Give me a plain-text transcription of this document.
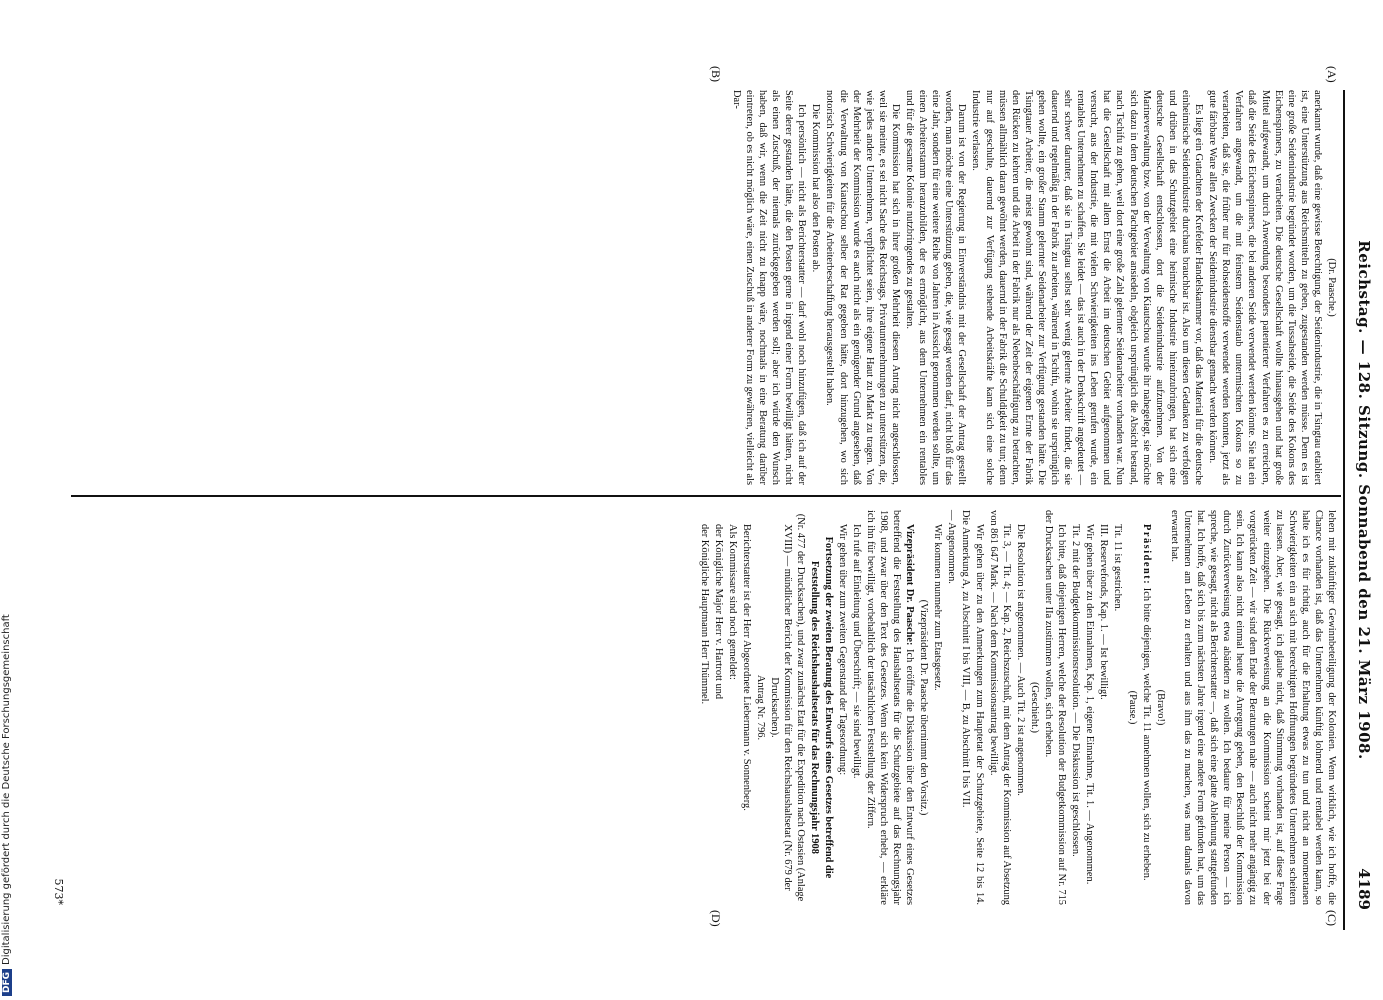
Reichstag. — 128. Sitzung. Sonnabend den 21. März 1908.
4189
(A)
(B)
(C)
(D)

(Dr. Paasche.)

anerkannt wurde, daß eine gewisse Berechtigung, der Seidenindustrie, die in Tsingtau etabliert ist, eine Unterstützung aus Reichsmitteln zu geben, zugestanden werden müsse. Denn es ist eine große Seidenindustrie begründet worden, um die Tussahseide, die Seide des Kokons des Eichenspinners, zu verarbeiten. Die deutsche Gesellschaft wollte hinausgehen und hat große Mittel aufgewandt, um durch Anwendung besonders patentierter Verfahren es zu erreichen, daß die Seide des Eichenspinners, die bei anderen Seide verwendet werden könnte. Sie hat ein Verfahren angewandt, um die mit feinstem Seidenstaub untermischten Kokons so zu verarbeiten, daß sie, die früher nur für Rohseidenstoffe verwendet werden konnten, jetzt als gute färbbare Ware allen Zwecken der Seidenindustrie dienstbar gemacht werden können.

Es liegt ein Gutachten der Krefelder Handelskammer vor, daß das Material für die deutsche einheimische Seidenindustrie durchaus brauchbar ist. Also um diesen Gedanken zu verfolgen und drüben in das Schutzgebiet eine heimische Industrie hineinzubringen, hat sich eine deutsche Gesellschaft entschlossen, dort die Seidenindustrie aufzunehmen. Von der Marineverwaltung bzw. von der Verwaltung von Kiautschou wurde ihr nahegelegt, sie möchte sich dazu in dem deutschen Pachtgebiet ansiedeln, obgleich ursprünglich die Absicht bestand, nach Tschifu zu gehen, weil dort eine große Zahl gelernter Seidenarbeiter vorhanden war. Nun hat die Gesellschaft mit allem Ernst die Arbeit im deutschen Gebiet aufgenommen und versucht, aus der Industrie, die mit vielen Schwierigkeiten ins Leben gerufen wurde, ein rentables Unternehmen zu schaffen. Sie leidet — das ist auch in der Denkschrift angedeutet — sehr schwer darunter, daß sie in Tsingtau selbst sehr wenig gelernte Arbeiter findet, die sie dauernd und regelmäßig in der Fabrik zu arbeiten, während in Tschifu, wohin sie ursprünglich gehen wollte, ein großer Stamm gelernter Seidenarbeiter zur Verfügung gestanden hätte. Die Tsingtauer Arbeiter, die meist gewohnt sind, während der Zeit der eigenen Ernte der Fabrik den Rücken zu kehren und die Arbeit in der Fabrik nur als Nebenbeschäftigung zu betrachten, müssen allmählich daran gewöhnt werden, dauernd in der Fabrik die Schuldigkeit zu tun; denn nur auf geschulte, dauernd zur Verfügung stehende Arbeitskräfte kann sich eine solche Industrie verlassen.

Darum ist von der Regierung in Einverständnis mit der Gesellschaft der Antrag gestellt worden, man möchte eine Unterstützung geben, die, wie gesagt werden darf, nicht bloß für das eine Jahr, sondern für eine weitere Reihe von Jahren in Aussicht genommen werden sollte, um einen Arbeiterstamm heranzubilden, der es ermöglicht, aus dem Unternehmen ein rentables und für die gesamte Kolonie nutzbringendes zu gestalten.

Die Kommission hat sich in ihrer großen Mehrheit diesem Antrag nicht angeschlossen, weil sie meinte, es sei nicht Sache des Reichstags, Privatunternehmungen zu unterstützen, die, wie jedes andere Unternehmen, verpflichtet seien, ihre eigene Haut zu Markt zu tragen. Von der Mehrheit der Kommission wurde es auch nicht als ein genügender Grund angesehen, daß die Verwaltung von Kiautschou selber der Rat gegeben hätte, dort hinzugehen, wo sich notorisch Schwierigkeiten für die Arbeiterbeschaffung herausgestellt haben.

Die Kommission hat also den Posten ab.

Ich persönlich — nicht als Berichterstatter — darf wohl noch hinzufügen, daß ich auf der Seite derer gestanden hätte, die den Posten gerne in irgend einer Form bewilligt hätten, nicht als einen Zuschuß, der niemals zurückgegeben werden soll; aber ich würde den Wunsch haben, daß wir, wenn die Zeit nicht zu knapp wäre, nochmals in eine Beratung darüber eintreten, ob es nicht möglich wäre, einen Zuschuß in anderer Form zu gewähren, vielleicht als Dar-

lehen mit zukünftiger Gewinnbeteiligung der Kolonien. Wenn wirklich, wie ich hoffe, die Chance vorhanden ist, daß das Unternehmen künftig lohnend und rentabel werden kann, so halte ich es für richtig, auch für die Erhaltung etwas zu tun und nicht an momentanen Schwierigkeiten ein an sich mit berechtigten Hoffnungen begründetes Unternehmen scheitern zu lassen. Aber, wie gesagt, ich glaube nicht, daß Stimmung vorhanden ist, auf diese Frage weiter einzugehen. Die Rückverweisung an die Kommission scheint mir jetzt bei der vorgerückten Zeit — wir sind dem Ende der Beratungen nahe — auch nicht mehr angängig zu sein. Ich kann also nicht einmal heute die Anregung geben, den Beschluß der Kommission durch Zurückverweisung etwa abändern zu wollen. Ich bedaure für meine Person — ich spreche, wie gesagt, nicht als Berichterstatter —, daß sich eine glatte Ablehnung stattgefunden hat. Ich hoffe, daß sich bis zum nächsten Jahre irgend eine andere Form gefunden hat, um das Unternehmen am Leben zu erhalten und aus ihm das zu machen, was man damals davon erwartet hat.

(Bravo!)

Präsident: Ich bitte diejenigen, welche Tit. 11 annehmen wollen, sich zu erheben.

(Pause.)

Tit. 11 ist gestrichen.

III. Reservefonds, Kap. 1. — Ist bewilligt.

Wir gehen über zu den Einnahmen, Kap. 1, eigene Einnahme, Tit. 1. — Angenommen.

Tit. 2 mit der Budgetkommissionsresolution. — Die Diskussion ist geschlossen.

Ich bitte, daß diejenigen Herren, welche der Resolution der Budgetkommission auf Nr. 715 der Drucksachen unter IIa zustimmen wollen, sich erheben.

(Geschieht.)

Die Resolution ist angenommen. — Auch Tit. 2 ist angenommen.

Tit. 3, — Tit. 4; — Kap. 2, Reichszuschuß, mit dem Antrag der Kommission auf Absetzung von 861 647 Mark. — Nach dem Kommissionsantrag bewilligt.

Wir gehen über zu den Anmerkungen zum Hauptetat der Schutzgebiete, Seite 12 bis 14. Die Anmerkung A, zu Abschnitt I bis VIII, — B, zu Abschnitt I bis VII.

— Angenommen.

Wir kommen nunmehr zum Etatsgesetz.

(Vizepräsident Dr. Paasche übernimmt den Vorsitz.)

Vizepräsident Dr. Paasche: Ich eröffne die Diskussion über den Entwurf eines Gesetzes betreffend die Feststellung des Haushaltsetats für die Schutzgebiete auf das Rechnungsjahr 1908, und zwar über den Text des Gesetzes. Wenn sich kein Widerspruch erhebt, — erkläre ich ihn für bewilligt, vorbehaltlich der tatsächlichen Feststellung der Ziffern.

Ich rufe auf Einleitung und Überschrift; — sie sind bewilligt.

Wir gehen über zum zweiten Gegenstand der Tagesordnung:

Fortsetzung der zweiten Beratung des Entwurfs eines Gesetzes betreffend die Feststellung des Reichshaushaltsetats für das Rechnungsjahr 1908

(Nr. 477 der Drucksachen), und zwar zunächst Etat für die Expedition nach Ostasien (Anlage XVIII) — mündlicher Bericht der Kommission für den Reichshaushaltsetat (Nr. 679 der Drucksachen).

Antrag Nr. 796.

Berichterstatter ist der Herr Abgeordnete Liebermann v. Sonnenberg.

Als Kommissare sind noch gemeldet:

der Königliche Major Herr v. Hartrott und

der Königliche Hauptmann Herr Thümmel.

573*
DFGDigitalisierung gefördert durch die Deutsche Forschungsgemeinschaft
